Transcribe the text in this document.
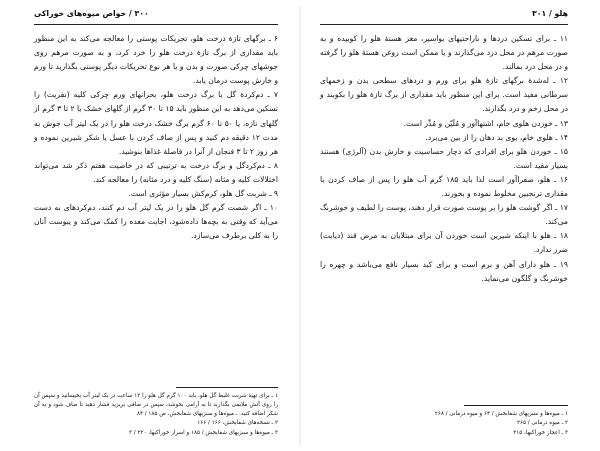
۳۰۰ / خواص میوه‌های خوراکی

۶ ـ برگهای تازهٔ درخت هلو، تحریکات پوستی را معالجه می‌کند به این منظور باید مقداری از برگ تازهٔ درخت هلو را خرد کرد، و به صورت مرهم روی جوشهای چرکی صورت و بدن و یا هر نوع تحریکات دیگر پوستی بگذارید تا ورم و خارش پوست درمان یابد.

۷ ـ دم‌کردهٔ گل یا برگ درخت هلو، بحرانهای ورم چرکی کلیه (نفریت) را تسکین می‌دهد به این منظور باید ۱۵ تا ۳۰ گرم از گلهای خشک یا ۲ تا ۳ گرم از گلهای تازه، یا ۵۰ تا ۶۰ گرم برگ خشک درخت هلو را در یک لیتر آب جوش به مدت ۱۲ دقیقه دم کنید و پس از صاف کردن با عسل یا شکر شیرین نموده و هر روز ۲ تا ۳ فنجان از آنرا در فاصلهٔ غذاها بنوشید.

۸ ـ دم‌کردگل و برگ درخت به ترتیبی که در خاصیت هفتم ذکر شد می‌تواند اختلالات کلیه و مثانه (سنگ کلیه و درد مثانه) را معالجه کند.

۹ ـ شربت گل هلو، کرم‌کش بسیار مؤثری است.

۱۰ ـ اگر شصت گرم گل هلو را در یک لیتر آب دم کنند، دم‌کردهای به دست می‌آید که وقتی به بچه‌ها داده‌شود، اجابت معده را کمک می‌کند و یبوست آنان را به کلی برطرف می‌سازد.

۱ ـ برای تهیهٔ شربت غلیظ گل هلو، باید ۱۰۰ گرم گل هلو را ۱۲ ساعت در یک لیتر آب بخیسانید و سپس آن را روی آتش ملایمی بگذارید تا به آرامی بجوشد، سپس در صافی بریزید فشار دهید تا صاف شود و به آن شکر اضافه کنید. ـ میوه‌ها و سبزیهای شفابخش، ص ۱۸۵ / ۸۴

۲ ـ نسخه‌های شفابخش، ۱۶۶ / ۱۶۶

۳ ـ میوه‌ها و سبزیهای شفابخش / ۱۸۵ و اسرار خوراکیها، ۲۲۰ / ۳

هلو / ۳۰۱

۱۱ ـ برای تسکین دردها و ناراحتیهای بواسیر، مغز هستهٔ هلو را کوبیده و به صورت مرهم در محل درد می‌گذارند و یا ممکن است روغن هستهٔ هلو را گرفته و در محل درد بمالند.

۱۲ ـ له‌شدهٔ برگهای تازهٔ هلو برای ورم و دردهای سطحی بدن و زخمهای سرطانی مفید است. برای این منظور باید مقداری از برگ تازهٔ هلو را بکوبند و در محل زخم و درد بگذارند.

۱۳ ـ خوردن هلوی خام، اشتهاآور و مُلَیّن و مُدِّر است.

۱۴ ـ هلوی خام، بوی بد دهان را از بین می‌برد.

۱۵ ـ خوردن هلو برای افرادی که دچار حساسیت و خارش بدن (آلرژی) هستند بسیار مفید است.

۱۶ ـ هلو، صفرا‌آور است لذا باید ۱۸۵ گرم آب هلو را پس از صاف کردن با مقداری ترنجبین مخلوط نموده و بخورند.

۱۷ ـ اگر گوشت هلو را بر پوست صورت قرار دهند، پوست را لطیف و خوشرنگ می‌کند.

۱۸ ـ هلو با اینکه شیرین است خوردن آن برای مبتلایان به مرض قند (دیابت) ضرر ندارد.

۱۹ ـ هلو دارای آهن و برم است و برای کبد بسیار نافع می‌باشد و چهره را خوشرنگ و گلگون می‌نماید.

۱ ـ میوه‌ها و سبزیهای شفابخش / ۶۴ و میوه درمانی / ۲۶۸

۲ ـ میوه درمانی / ۲۶۵

۳ ـ اعجاز خوراکیها، ۲۱۵
